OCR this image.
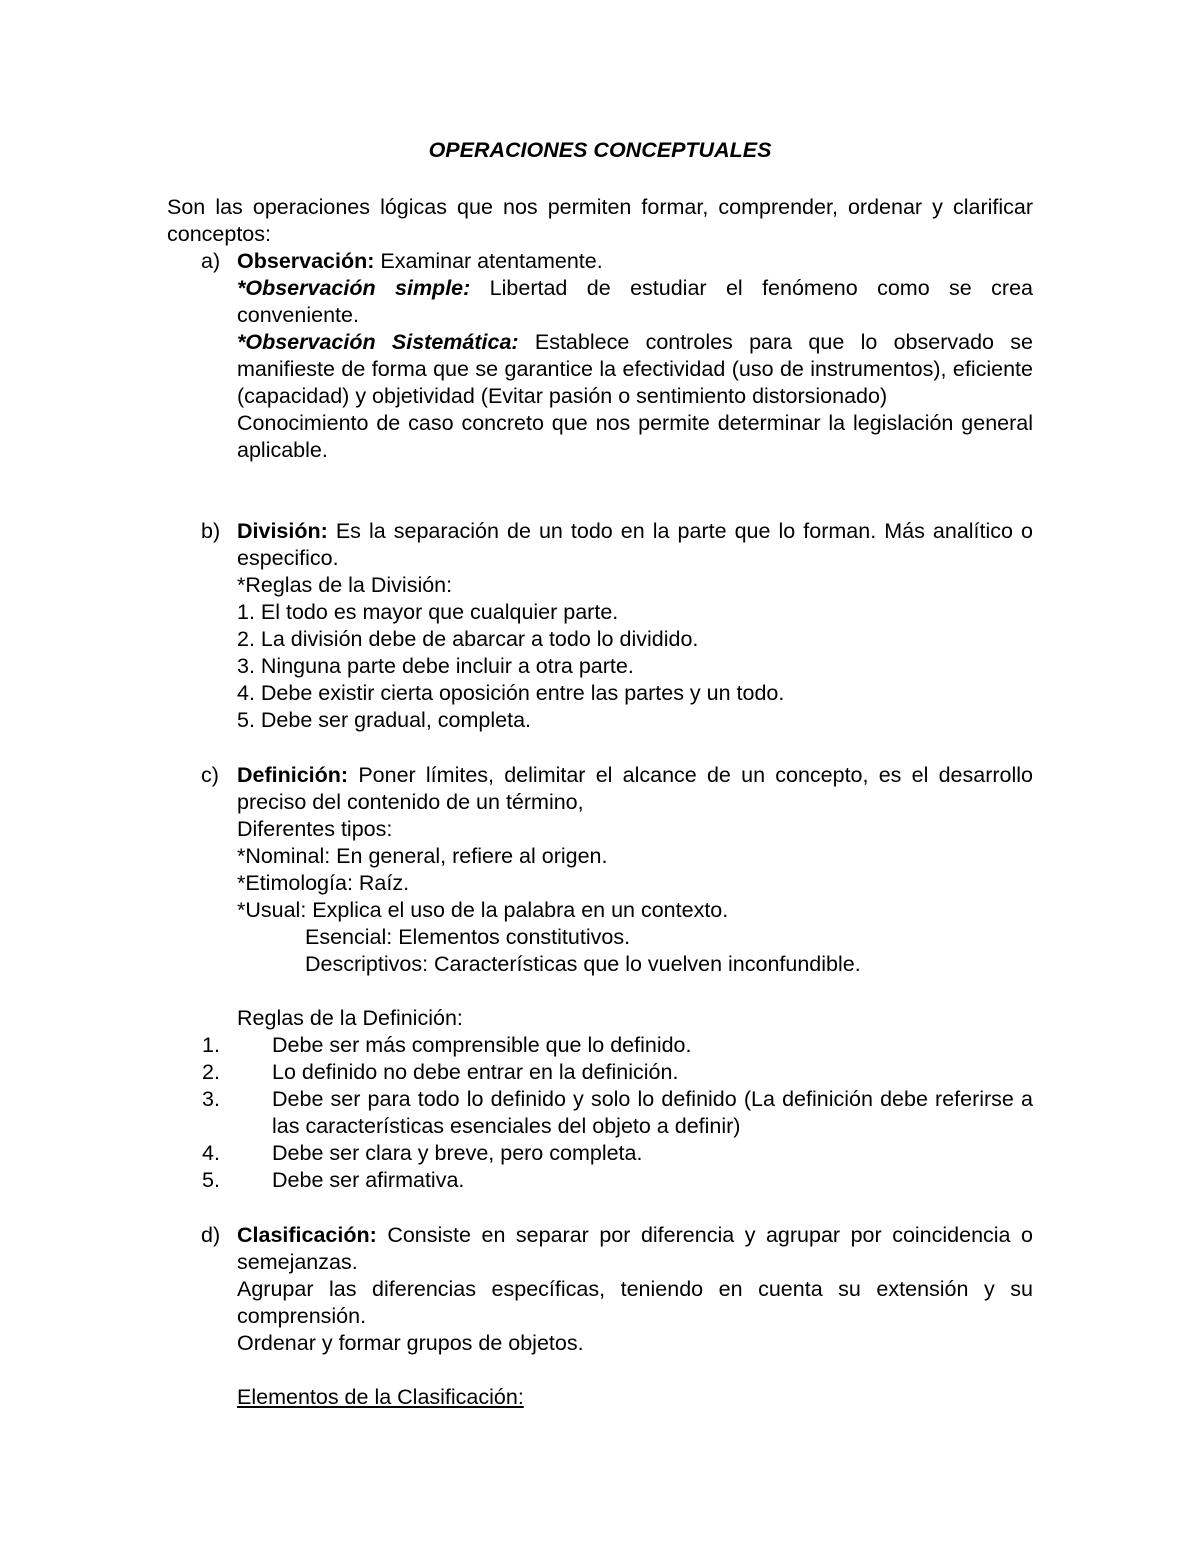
OPERACIONES CONCEPTUALES
Son las operaciones lógicas que nos permiten formar, comprender, ordenar y clarificar conceptos:
a) Observación: Examinar atentamente.

*Observación simple: Libertad de estudiar el fenómeno como se crea conveniente.

*Observación Sistemática: Establece controles para que lo observado se manifieste de forma que se garantice la efectividad (uso de instrumentos), eficiente (capacidad) y objetividad (Evitar pasión o sentimiento distorsionado)

Conocimiento de caso concreto que nos permite determinar la legislación general aplicable.

b) División: Es la separación de un todo en la parte que lo forman. Más analítico o especifico.

*Reglas de la División:

1. El todo es mayor que cualquier parte.

2. La división debe de abarcar a todo lo dividido.

3. Ninguna parte debe incluir a otra parte.

4. Debe existir cierta oposición entre las partes y un todo.

5. Debe ser gradual, completa.

c) Definición: Poner límites, delimitar el alcance de un concepto, es el desarrollo preciso del contenido de un término,

Diferentes tipos:

*Nominal: En general, refiere al origen.

*Etimología: Raíz.

*Usual: Explica el uso de la palabra en un contexto.

Esencial: Elementos constitutivos.

Descriptivos: Características que lo vuelven inconfundible.

Reglas de la Definición:

1. Debe ser más comprensible que lo definido.

2. Lo definido no debe entrar en la definición.

3. Debe ser para todo lo definido y solo lo definido (La definición debe referirse a las características esenciales del objeto a definir)

4. Debe ser clara y breve, pero completa.

5. Debe ser afirmativa.

d) Clasificación: Consiste en separar por diferencia y agrupar por coincidencia o semejanzas.

Agrupar las diferencias específicas, teniendo en cuenta su extensión y su comprensión.

Ordenar y formar grupos de objetos.

Elementos de la Clasificación:
